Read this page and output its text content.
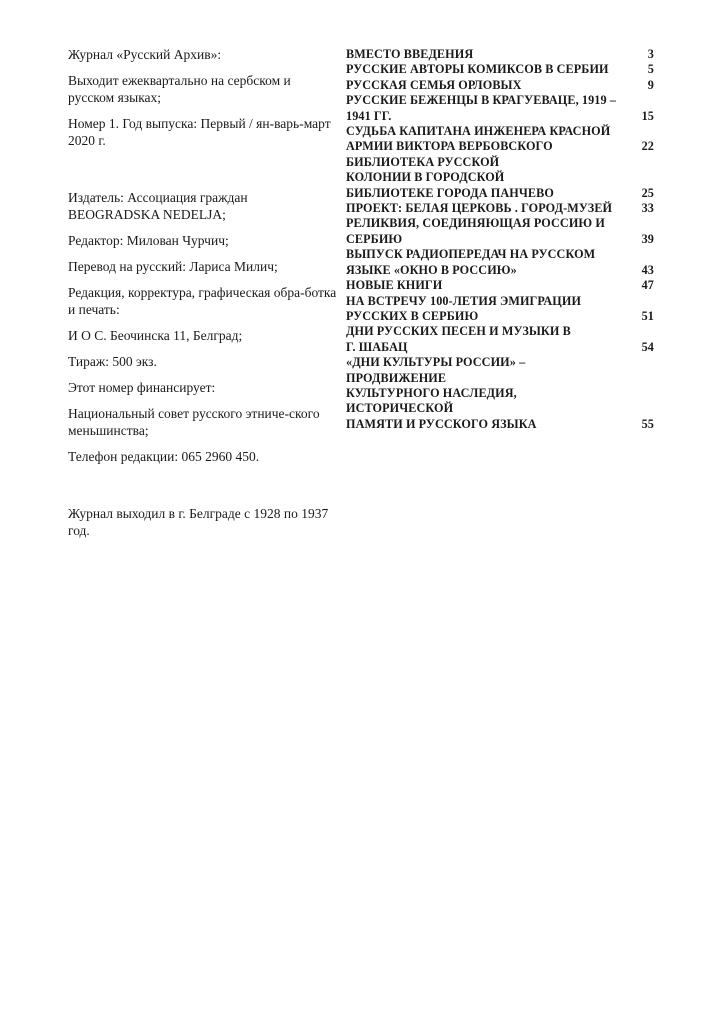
Журнал «Русский Архив»:

Выходит ежеквартально на сербском и русском языках;

Номер 1. Год выпуска: Первый / ян-варь-март 2020 г.

Издатель: Ассоциация граждан BEOGRADSKA NEDELJA;

Редактор: Милован Чурчич;

Перевод на русский: Лариса Милич;

Редакция, корректура, графическая обра-ботка и печать:

И О С. Беочинска 11, Белград;

Тираж: 500 экз.

Этот номер финансирует:

Национальный совет русского этниче-ского меньшинства;

Телефон редакции: 065 2960 450.

Журнал выходил в г. Белграде с 1928 по 1937 год.

ВМЕСТО ВВЕДЕНИЯ	3
РУССКИЕ АВТОРЫ КОМИКСОВ В СЕРБИИ	5
РУССКАЯ СЕМЬЯ ОРЛОВЫХ	9
РУССКИЕ БЕЖЕНЦЫ В КРАГУЕВАЦЕ, 1919 –
1941 ГГ.	15
СУДЬБА КАПИТАНА ИНЖЕНЕРА КРАСНОЙ
АРМИИ ВИКТОРА ВЕРБОВСКОГО	22
БИБЛИОТЕКА РУССКОЙ
КОЛОНИИ В ГОРОДСКОЙ
БИБЛИОТЕКЕ ГОРОДА ПАНЧЕВО	25
ПРОЕКТ: БЕЛАЯ ЦЕРКОВЬ . ГОРОД-МУЗЕЙ	33
РЕЛИКВИЯ, СОЕДИНЯЮЩАЯ РОССИЮ И
СЕРБИЮ	39
ВЫПУСК РАДИОПЕРЕДАЧ НА РУССКОМ
ЯЗЫКЕ «ОКНО В РОССИЮ»	43
НОВЫЕ КНИГИ	47
НА ВСТРЕЧУ 100-ЛЕТИЯ ЭМИГРАЦИИ
РУССКИХ В СЕРБИЮ	51
ДНИ РУССКИХ ПЕСЕН И МУЗЫКИ В
Г. ШАБАЦ	54
«ДНИ КУЛЬТУРЫ РОССИИ» – ПРОДВИЖЕНИЕ
КУЛЬТУРНОГО НАСЛЕДИЯ, ИСТОРИЧЕСКОЙ
ПАМЯТИ И РУССКОГО ЯЗЫКА	55
